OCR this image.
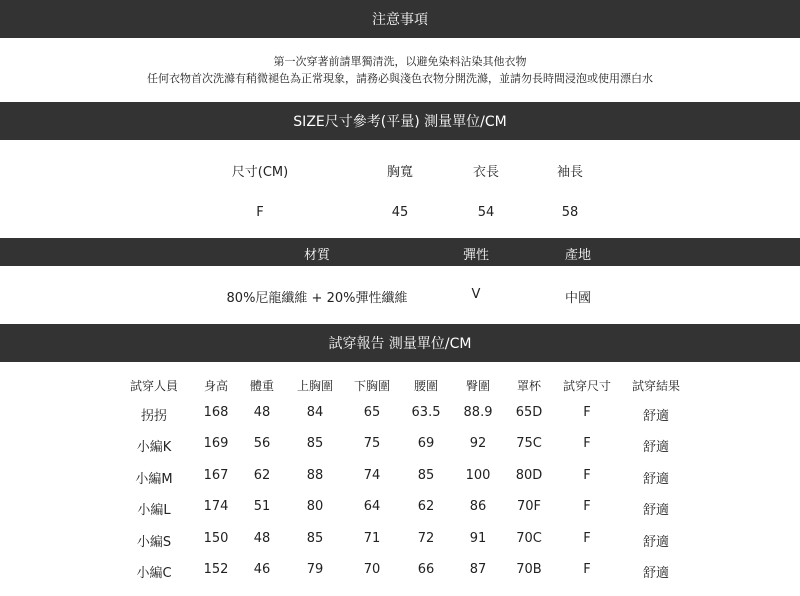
注意事項
第一次穿著前請單獨清洗，以避免染料沾染其他衣物
任何衣物首次洗滌有稍微褪色為正常現象，請務必與淺色衣物分開洗滌，並請勿長時間浸泡或使用漂白水
SIZE尺寸參考(平量) 測量單位/CM
尺寸(CM)	胸寬	衣長	袖長
F	45	54	58
材質	彈性	產地
80%尼龍纖維 + 20%彈性纖維	V	中國
試穿報告 測量單位/CM
試穿人員 身高 體重 上胸圍 下胸圍 腰圍 臀圍 罩杯 試穿尺寸 試穿結果
拐拐	168 48	84	65 63.5 88.9 65D	F	舒適
小編K 169 56	85	75	69	92 75C	F	舒適
小編M 167 62	88	74	85 100 80D	F	舒適
小編L	174 51	80	64	62	86 70F	F	舒適
小編S 150 48	85	71	72	91 70C	F	舒適
小編C 152 46	79	70	66	87 70B	F	舒適
